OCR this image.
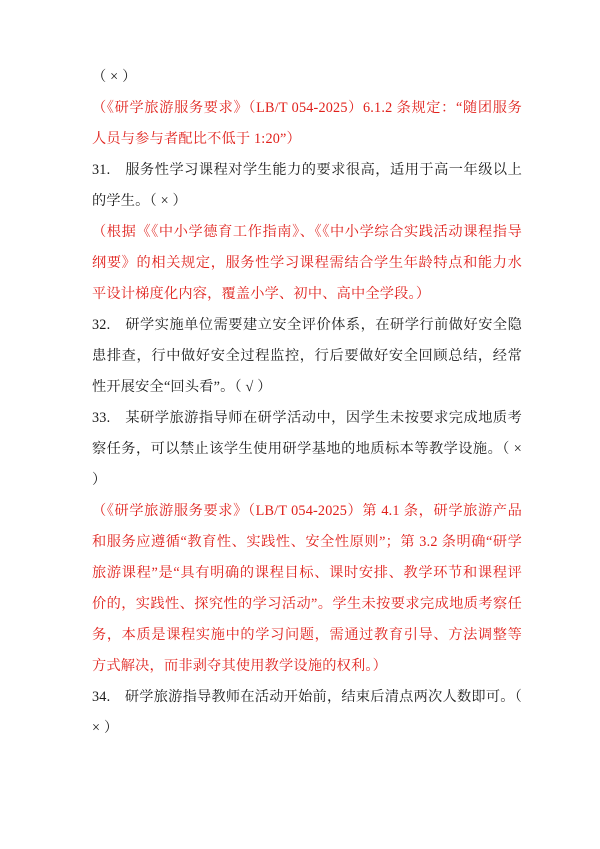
（ × ）

（《研学旅游服务要求》（LB/T 054-2025）6.1.2 条规定：“随团服务人员与参与者配比不低于 1:20”）

31.　服务性学习课程对学生能力的要求很高，适用于高一年级以上的学生。（ × ）

（根据《《中小学德育工作指南》、《《中小学综合实践活动课程指导纲要》的相关规定，服务性学习课程需结合学生年龄特点和能力水平设计梯度化内容，覆盖小学、初中、高中全学段。）

32.　研学实施单位需要建立安全评价体系，在研学行前做好安全隐患排查，行中做好安全过程监控，行后要做好安全回顾总结，经常性开展安全“回头看”。（ √ ）

33.　某研学旅游指导师在研学活动中，因学生未按要求完成地质考察任务，可以禁止该学生使用研学基地的地质标本等教学设施。（ × ）

（《研学旅游服务要求》（LB/T 054-2025）第 4.1 条，研学旅游产品和服务应遵循“教育性、实践性、安全性原则”；第 3.2 条明确“研学旅游课程”是“具有明确的课程目标、课时安排、教学环节和课程评价的，实践性、探究性的学习活动”。学生未按要求完成地质考察任务，本质是课程实施中的学习问题，需通过教育引导、方法调整等方式解决，而非剥夺其使用教学设施的权利。）

34.　研学旅游指导教师在活动开始前，结束后清点两次人数即可。（ × ）
